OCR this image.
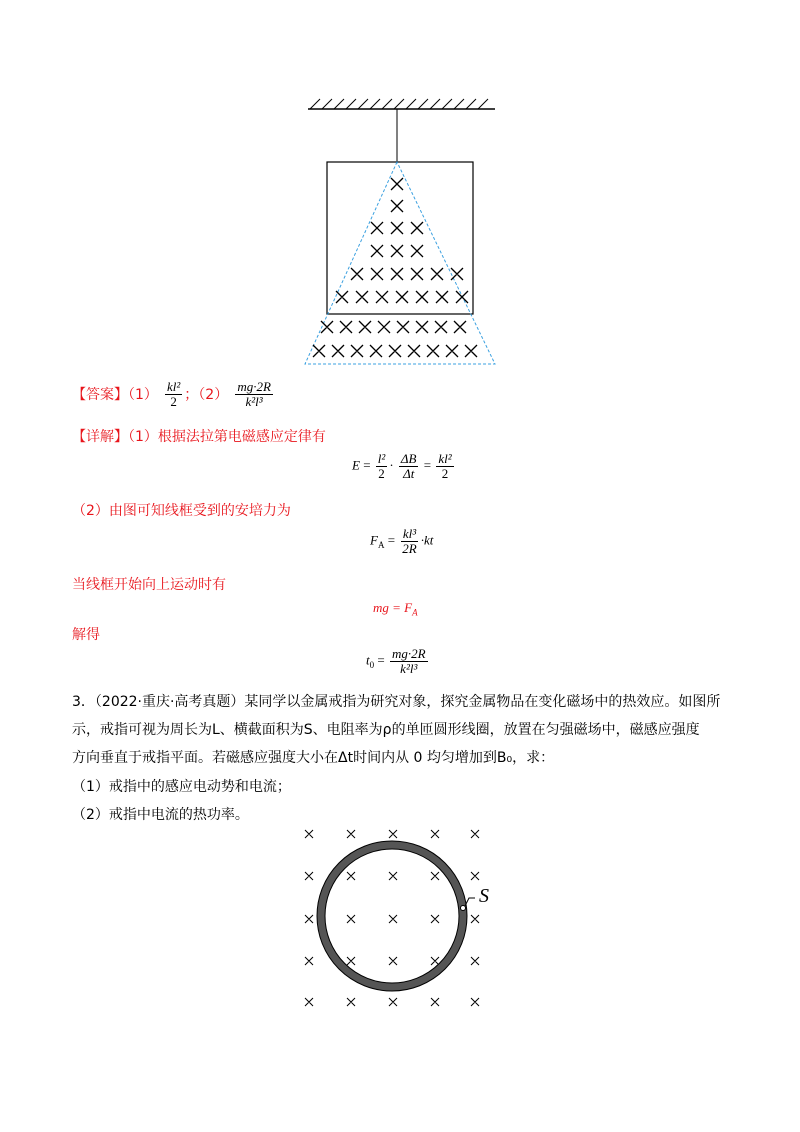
【答案】$(1) \frac{\text{kl²}}{2}$ ；$(2) \frac{mg\cdot 2R}{\text{k²l³}}$
【详解】（1）根据法拉第电磁感应定律有
$E = \frac{\text{l²}}{2} \cdot \frac{\Delta B}{\Delta t} = \frac{\text{kl²}}{2}$
（2）由图可知线框受到的安培力为
$F_A = \frac{\text{kl³}}{2R} \cdot kt$
当线框开始向上运动时有
mg = $F_A$
解得
$t_0 = \frac{mg\cdot 2R}{\text{k²l³}}$
3．（2022·重庆·高考真题）某同学以金属戒指为研究对象，探究金属物品在变化磁场中的热效应。如图所
示，戒指可视为周长为L、横截面积为S、电阻率为ρ的单匝圆形线圈，放置在匀强磁场中，磁感应强度
方向垂直于戒指平面。若磁感应强度大小在Δt时间内从 0 均匀增加到B₀，求：
（1）戒指中的感应电动势和电流；
（2）戒指中电流的热功率。
S
